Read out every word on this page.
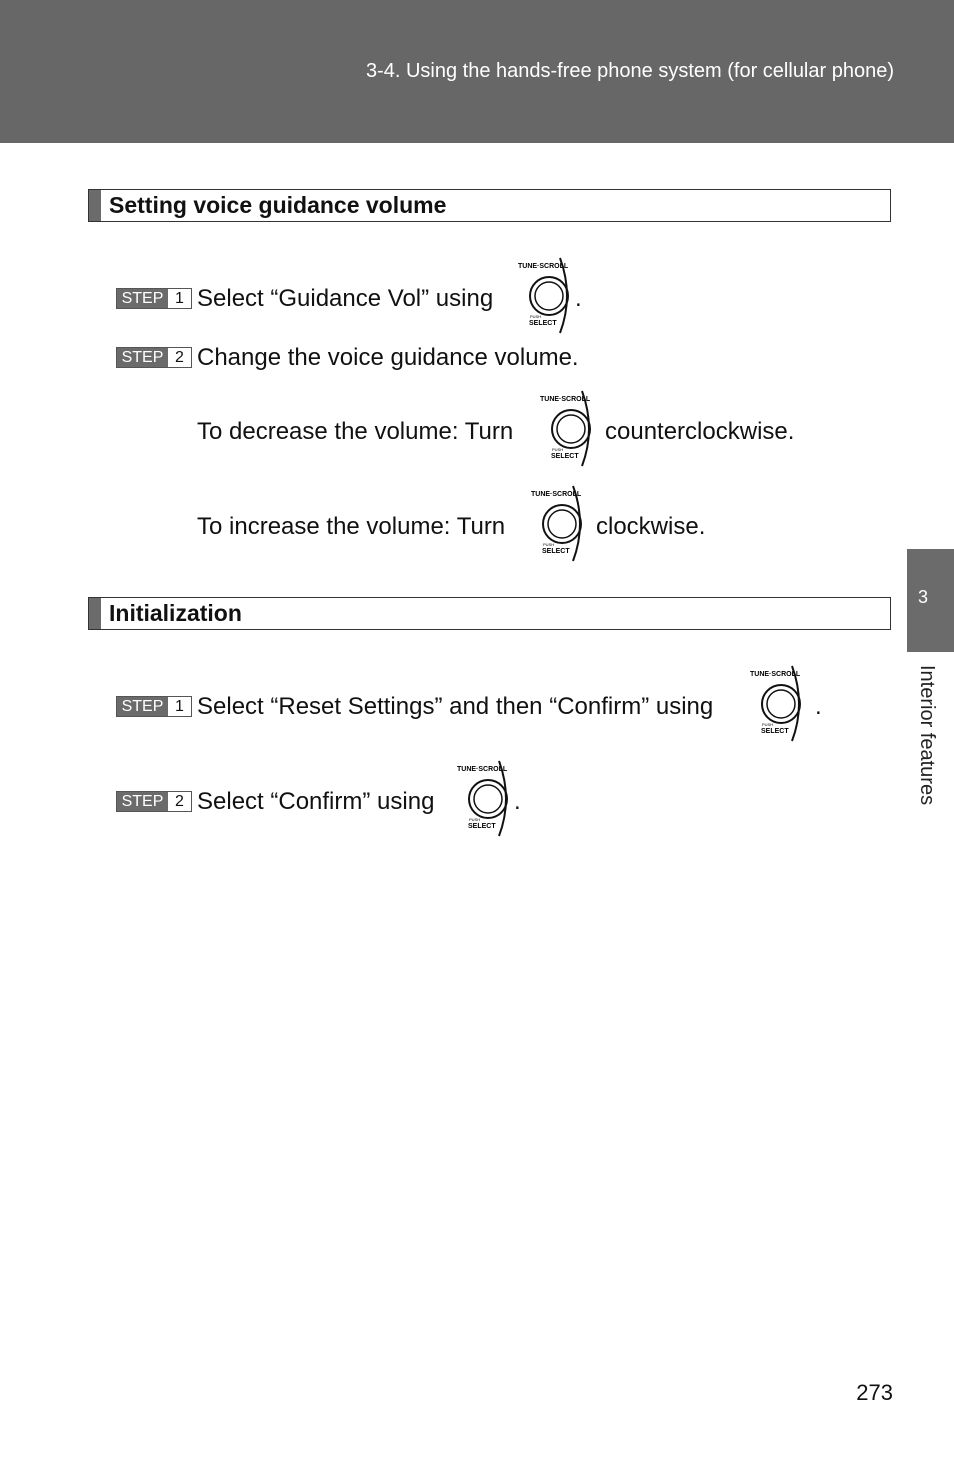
3-4. Using the hands-free phone system (for cellular phone)
3
Interior features
Setting voice guidance volume
STEP 1 Select “Guidance Vol” using
TUNE·SCROLL
PUSH
SELECT
.
STEP 2 Change the voice guidance volume.
To decrease the volume: Turn
TUNE·SCROLL
PUSH
SELECT
counterclockwise.
To increase the volume: Turn
TUNE·SCROLL
PUSH
SELECT
clockwise.
Initialization
STEP 1 Select “Reset Settings” and then “Confirm” using
TUNE·SCROLL
PUSH
SELECT
.
STEP 2 Select “Confirm” using
TUNE·SCROLL
PUSH
SELECT
.
273
